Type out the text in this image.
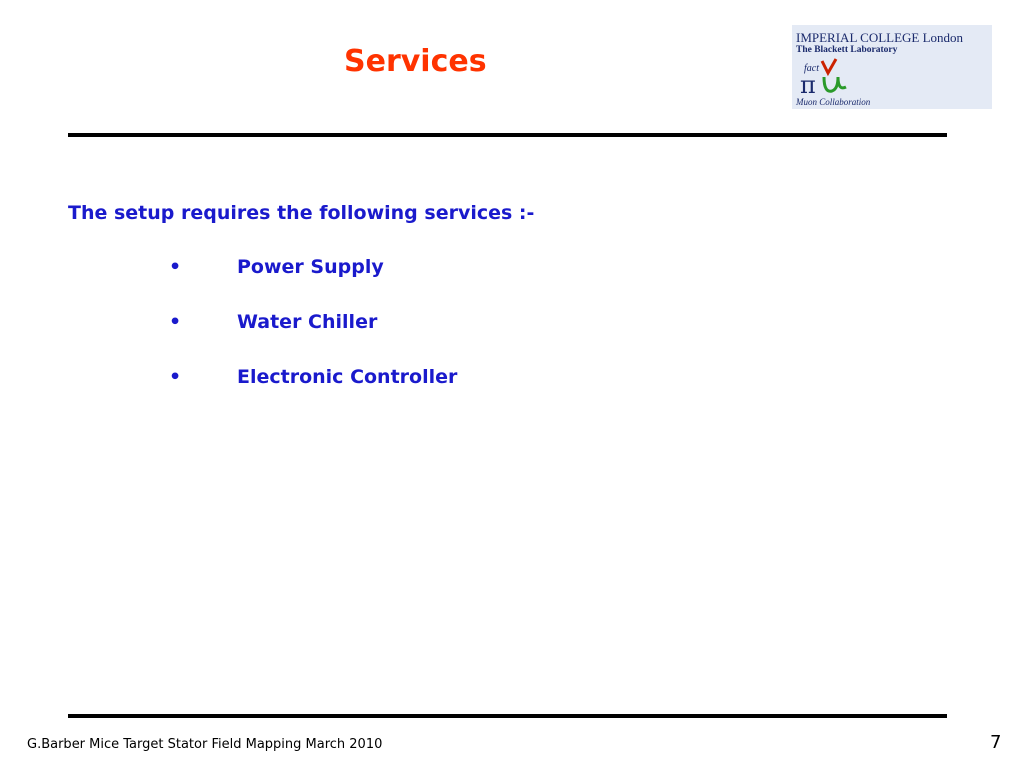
Services
IMPERIAL COLLEGE London
The Blackett Laboratory
fact
π
Muon Collaboration
The setup requires the following services :-
•	Power Supply
•	Water Chiller
•	Electronic Controller
G.Barber Mice Target Stator Field Mapping March 2010	7
